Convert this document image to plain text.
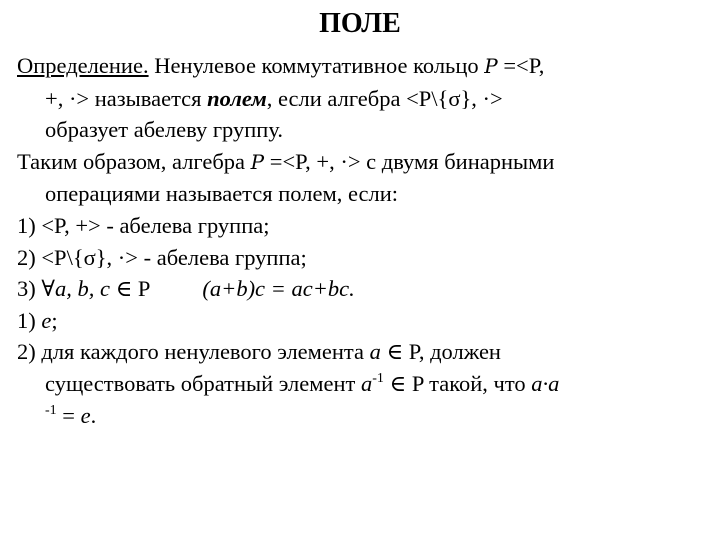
ПОЛЕ

Определение. Ненулевое коммутативное кольцо P =<P,
+, ·> называется полем, если алгебра <P\{σ}, ·>
образует абелеву группу.

Таким образом, алгебра P =<P, +, ·> с двумя бинарными
операциями называется полем, если:

1) <P, +> - абелева группа;

2) <P\{σ}, ·> - абелева группа;

3) ∀a, b, c ∈ P (a+b)c = ac+bc.

1) e;

2) для каждого ненулевого элемента a ∈ P, должен
существовать обратный элемент $a^{-1}$ ∈ P такой, что a·a
$^{-1}$ = e.
